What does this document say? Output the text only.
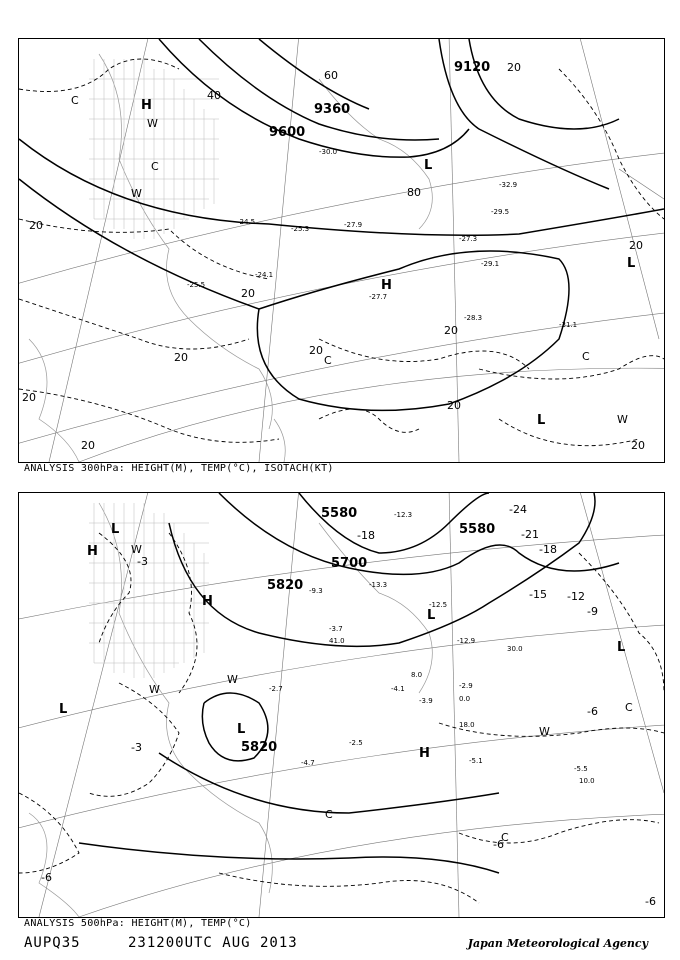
9120
9360
9600
20
40
60
80
20
20
20
20
20
20
20
20
20
20
H
H
L
L
L
W
W
W
C
C
C	C
-24.5
-25.3
-25.5
-24.1
-27.9
-27.3
-27.7
-28.3
-29.1
-31.1
-29.5
-30.0
-32.9
ANALYSIS 300hPa: HEIGHT(M), TEMP(°C), ISOTACH(KT)
5580
5580
5700
5820
5820
-24
-21
-18
-18
-15 -12
-9
-6
-6
-3
-3
-6
-6
H
H
H
L
L
L
L
L
W
W
W
W
C
C
C
-12.3
-12.5
-13.3
-12.9
-9.3
-3.7
-2.7
-3.9
-2.9
-2.5
-4.7	-5.1
-5.5
-4.1
0.0
8.0
10.0
18.0
30.0
41.0
ANALYSIS 500hPa: HEIGHT(M), TEMP(°C)
AUPQ35	231200UTC AUG 2013	Japan Meteorological Agency
